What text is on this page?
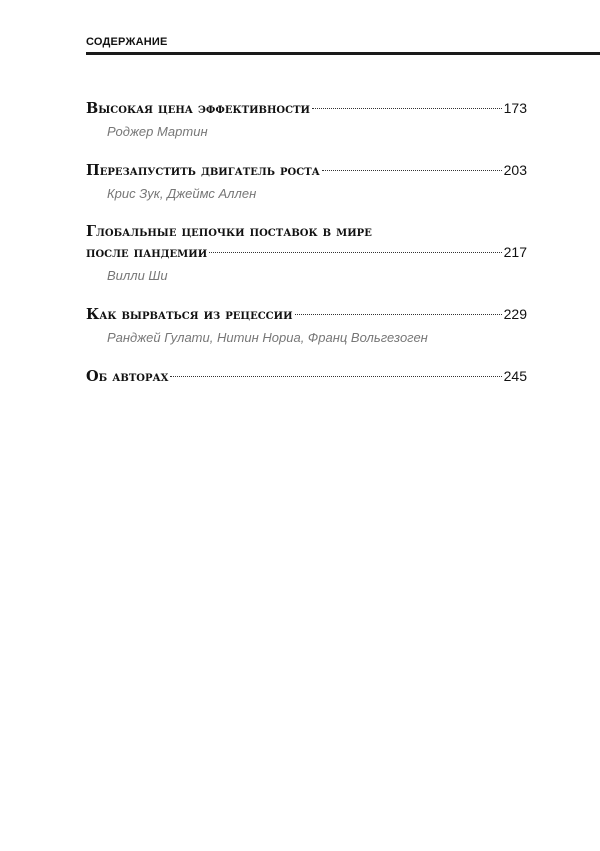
СОДЕРЖАНИЕ
Высокая цена эффективности	173
Роджер Мартин
Перезапустить двигатель роста	203
Крис Зук, Джеймс Аллен
Глобальные цепочки поставок в мире
после пандемии	217
Вилли Ши
Как вырваться из рецессии	229
Ранджей Гулати, Нитин Нориа, Франц Вольгезоген
Об авторах	245
